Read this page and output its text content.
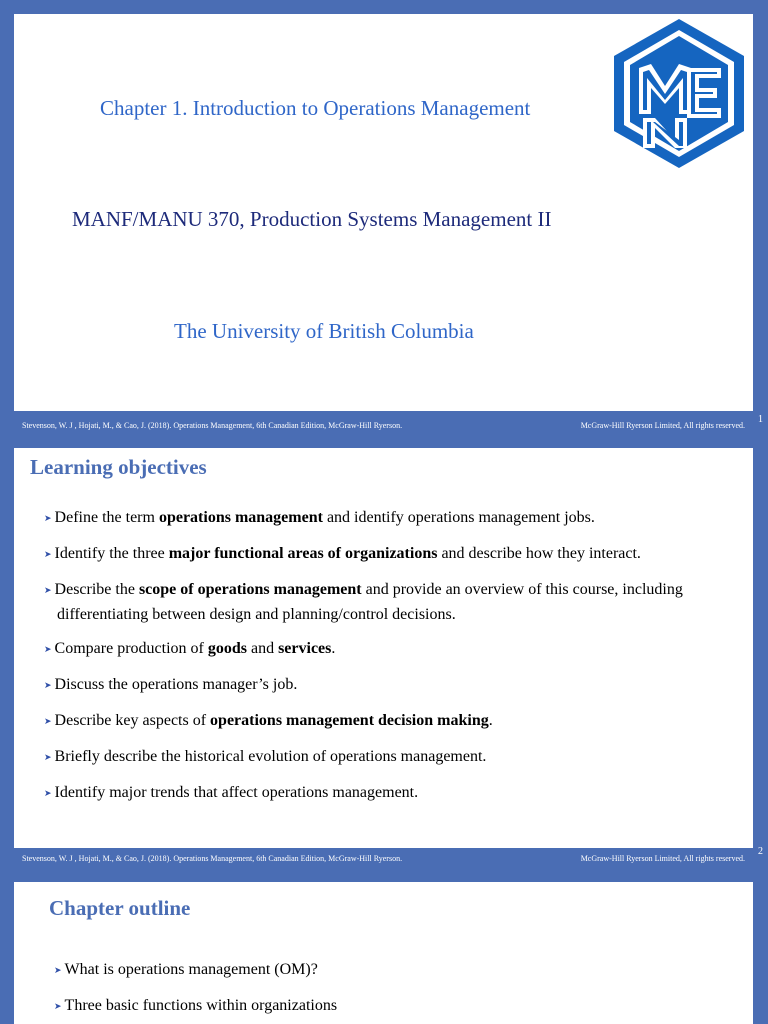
Chapter 1. Introduction to Operations Management
MANF/MANU 370, Production Systems Management II
The University of British Columbia
Stevenson, W. J , Hojati, M., & Cao, J. (2018). Operations Management, 6th Canadian Edition, McGraw-Hill Ryerson.	McGraw-Hill Ryerson Limited, All rights reserved. 1
Learning objectives
➤ Define the term operations management and identify operations management jobs.
➤ Identify the three major functional areas of organizations and describe how they interact.
➤ Describe the scope of operations management and provide an overview of this course, including differentiating between design and planning/control decisions.
➤ Compare production of goods and services.
➤ Discuss the operations manager’s job.
➤ Describe key aspects of operations management decision making.
➤ Briefly describe the historical evolution of operations management.
➤ Identify major trends that affect operations management.
Stevenson, W. J , Hojati, M., & Cao, J. (2018). Operations Management, 6th Canadian Edition, McGraw-Hill Ryerson.	McGraw-Hill Ryerson Limited, All rights reserved.
2
Chapter outline
➤ What is operations management (OM)?
➤ Three basic functions within organizations
